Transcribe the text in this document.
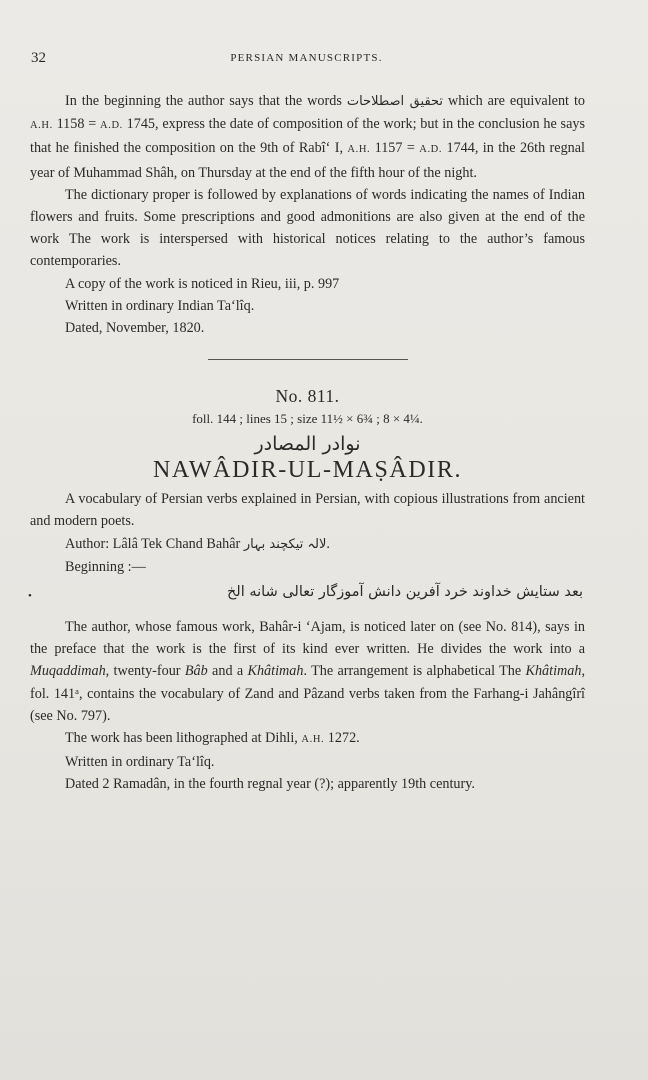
32	PERSIAN MANUSCRIPTS.

In the beginning the author says that the words تحقیق اصطلاحات which are equivalent to A.H. 1158 = A.D. 1745, express the date of composition of the work; but in the conclusion he says that he finished the composition on the 9th of Rabî‘ I, A.H. 1157 = A.D. 1744, in the 26th regnal year of Muhammad Shâh, on Thursday at the end of the fifth hour of the night.

The dictionary proper is followed by explanations of words indicating the names of Indian flowers and fruits. Some prescriptions and good admonitions are also given at the end of the work The work is interspersed with historical notices relating to the author’s famous contemporaries.

A copy of the work is noticed in Rieu, iii, p. 997

Written in ordinary Indian Ta‘lîq.

Dated, November, 1820.

No. 811.
foll. 144 ; lines 15 ; size 11½ × 6¾ ; 8 × 4¼.
نوادر المصادر
NAWÂDIR-UL-MAṢÂDIR.

A vocabulary of Persian verbs explained in Persian, with copious illustrations from ancient and modern poets.

Author: Lâlâ Tek Chand Bahâr لالہ تیکچند بہار.

Beginning :—

•	بعد ستایش خداوند خرد آفرین دانش آموزگار تعالی شانه الخ

The author, whose famous work, Bahâr-i ‘Ajam, is noticed later on (see No. 814), says in the preface that the work is the first of its kind ever written. He divides the work into a Muqaddimah, twenty-four Bâb and a Khâtimah. The arrangement is alphabetical The Khâtimah, fol. 141ᵃ, contains the vocabulary of Zand and Pâzand verbs taken from the Farhang-i Jahângîrî (see No. 797).

The work has been lithographed at Dihli, A.H. 1272.

Written in ordinary Ta‘lîq.

Dated 2 Ramadân, in the fourth regnal year (?); apparently 19th century.
